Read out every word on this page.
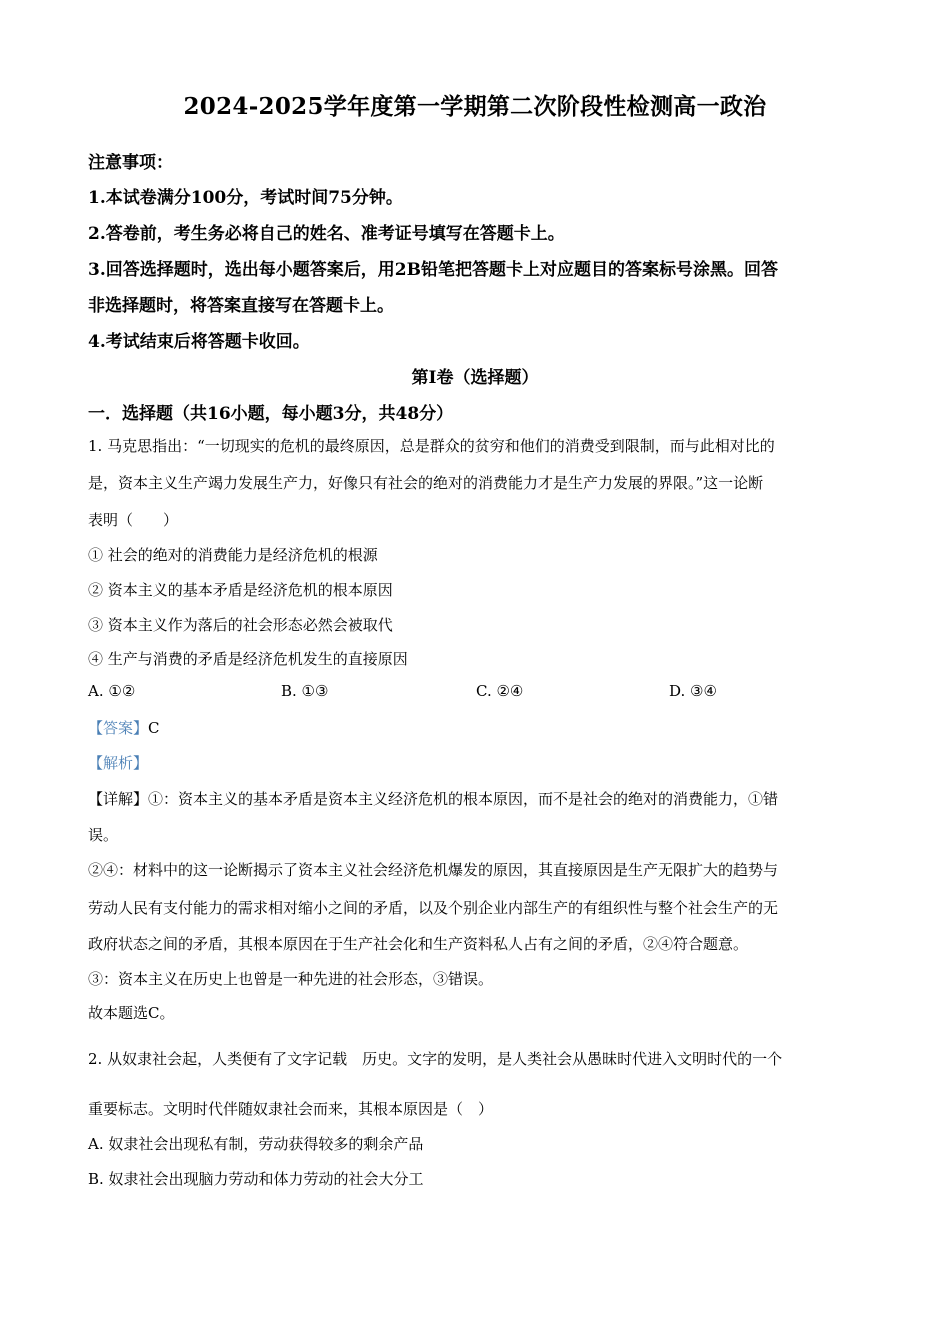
2024-2025学年度第一学期第二次阶段性检测高一政治
注意事项：
1.本试卷满分100分，考试时间75分钟。
2.答卷前，考生务必将自己的姓名、准考证号填写在答题卡上。
3.回答选择题时，选出每小题答案后，用2B铅笔把答题卡上对应题目的答案标号涂黑。回答
非选择题时，将答案直接写在答题卡上。
4.考试结束后将答题卡收回。
第Ⅰ卷（选择题）
一．选择题（共16小题，每小题3分，共48分）
1. 马克思指出：“一切现实的危机的最终原因，总是群众的贫穷和他们的消费受到限制，而与此相对比的
是，资本主义生产竭力发展生产力，好像只有社会的绝对的消费能力才是生产力发展的界限。”这一论断
表明（　　）
① 社会的绝对的消费能力是经济危机的根源
② 资本主义的基本矛盾是经济危机的根本原因
③ 资本主义作为落后的社会形态必然会被取代
④ 生产与消费的矛盾是经济危机发生的直接原因
A. ①②	B. ①③	C. ②④	D. ③④
【答案】C
【解析】
【详解】①：资本主义的基本矛盾是资本主义经济危机的根本原因，而不是社会的绝对的消费能力，①错
误。
②④：材料中的这一论断揭示了资本主义社会经济危机爆发的原因，其直接原因是生产无限扩大的趋势与
劳动人民有支付能力的需求相对缩小之间的矛盾，以及个别企业内部生产的有组织性与整个社会生产的无
政府状态之间的矛盾，其根本原因在于生产社会化和生产资料私人占有之间的矛盾，②④符合题意。
③：资本主义在历史上也曾是一种先进的社会形态，③错误。
故本题选C。
2. 从奴隶社会起，人类便有了文字记载　历史。文字的发明，是人类社会从愚昧时代进入文明时代的一个
重要标志。文明时代伴随奴隶社会而来，其根本原因是（　）
A. 奴隶社会出现私有制，劳动获得较多的剩余产品
B. 奴隶社会出现脑力劳动和体力劳动的社会大分工
